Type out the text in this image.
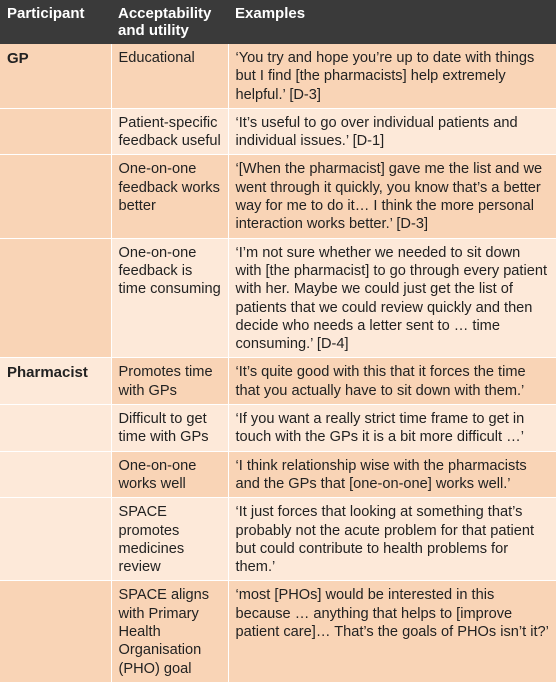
Participant	Acceptability and utility	Examples
GP	Educational	‘You try and hope you’re up to date with things but I find [the pharmacists] help extremely helpful.’ [D-3]
	Patient-specific feedback useful	‘It’s useful to go over individual patients and individual issues.’ [D-1]
	One-on-one feedback works better	‘[When the pharmacist] gave me the list and we went through it quickly, you know that’s a better way for me to do it… I think the more personal interaction works better.’ [D-3]
	One-on-one feedback is time consuming	‘I’m not sure whether we needed to sit down with [the pharmacist] to go through every patient with her. Maybe we could just get the list of patients that we could review quickly and then decide who needs a letter sent to … time consuming.’ [D-4]
Pharmacist	Promotes time with GPs	‘It’s quite good with this that it forces the time that you actually have to sit down with them.’
	Difficult to get time with GPs	‘If you want a really strict time frame to get in touch with the GPs it is a bit more difficult …’
	One-on-one works well	‘I think relationship wise with the pharmacists and the GPs that [one-on-one] works well.’
	SPACE promotes medicines review	‘It just forces that looking at something that’s probably not the acute problem for that patient but could contribute to health problems for them.’
	SPACE aligns with Primary Health Organisation (PHO) goal	‘most [PHOs] would be interested in this because … anything that helps to [improve patient care]… That’s the goals of PHOs isn’t it?’
